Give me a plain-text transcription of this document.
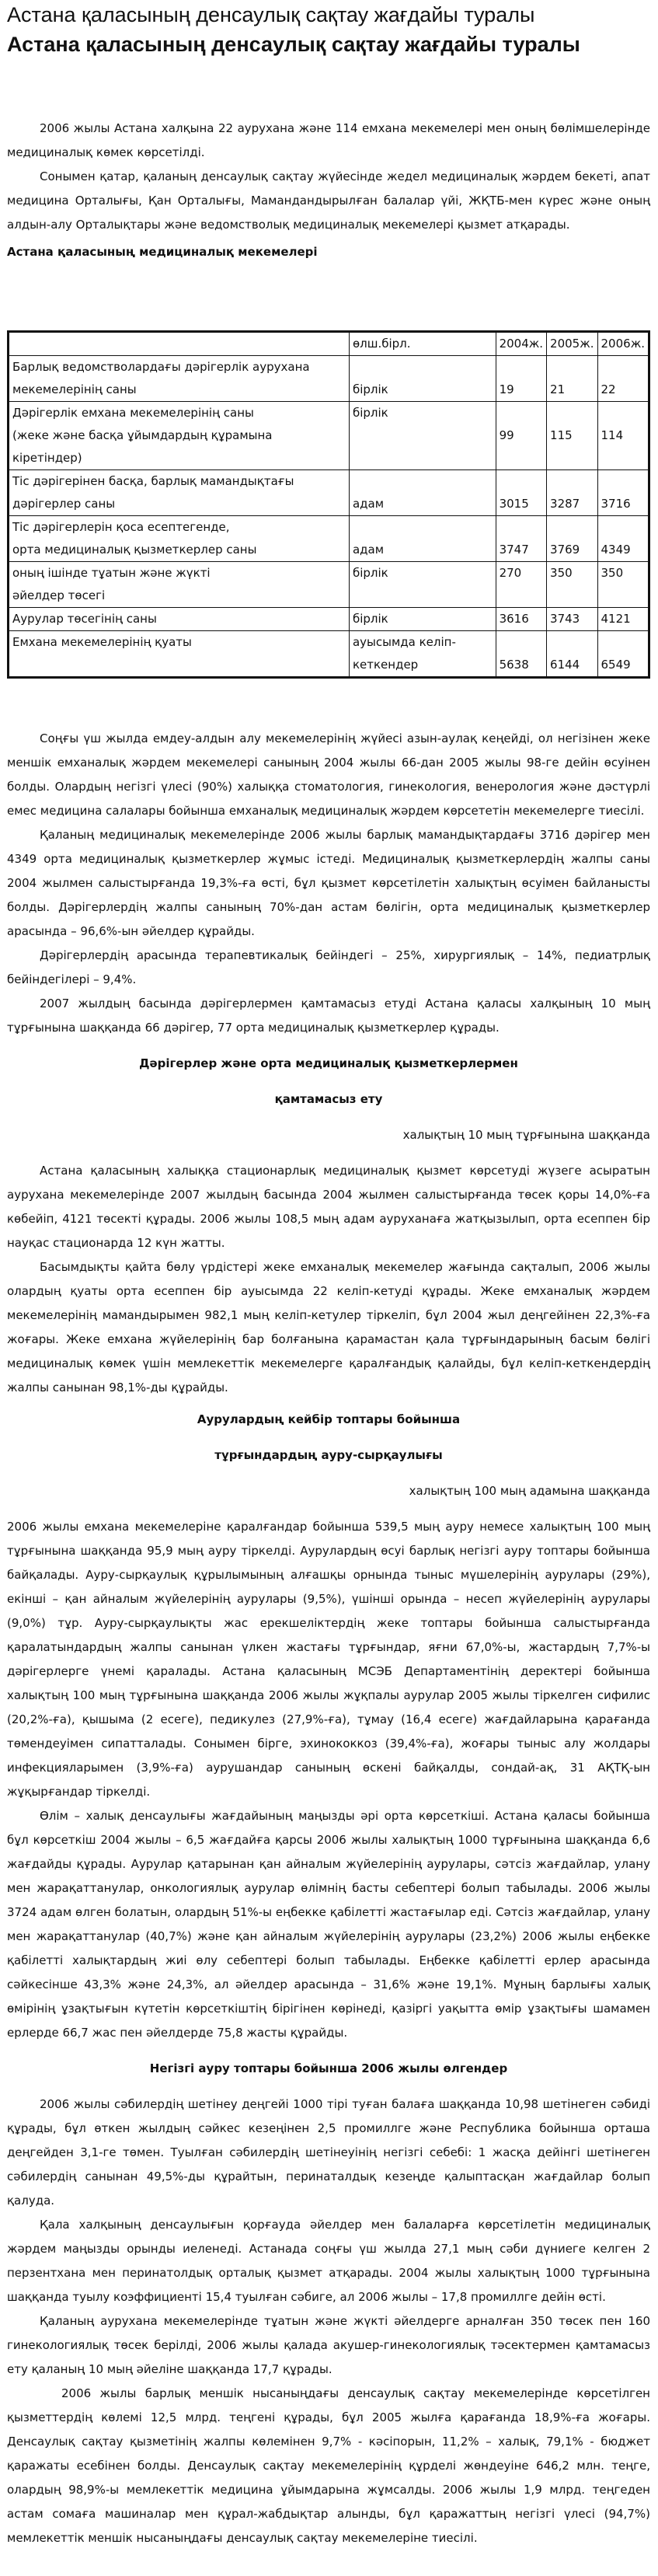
Астана қаласының денсаулық сақтау жағдайы туралы
Астана қаласының денсаулық сақтау жағдайы туралы

2006 жылы Астана халқына 22 аурухана және 114 емхана мекемелері мен оның бөлімшелерінде медициналық көмек көрсетілді.

Сонымен қатар, қаланың денсаулық сақтау жүйесінде жедел медициналық жәрдем бекеті, апат медицина Орталығы, Қан Орталығы, Мамандандырылған балалар үйі, ЖҚТБ-мен күрес және оның алдын-алу Орталықтары және ведомстволық медициналық мекемелері қызмет атқарады.

Астана қаласының медициналық мекемелері

	өлш.бірл.	2004ж.	2005ж.	2006ж.

Барлық ведомстволардағы дәрігерлік аурухана
мекемелерінің саны	бірлік	19	21	22

Дәрігерлік емхана мекемелерінің саны
(жеке және басқа ұйымдардың құрамына
кіретіндер)	бірлік	99	115	114

Тіс дәрігерінен басқа, барлық мамандықтағы
дәрігерлер саны	адам	3015	3287	3716

Тіс дәрігерлерін қоса есептегенде,
орта медициналық қызметкерлер саны	адам	3747	3769	4349

оның ішінде тұатын және жүкті
әйелдер төсегі	бірлік	270	350	350

Аурулар төсегінің саны	бірлік	3616	3743	4121

Емхана мекемелерінің қуаты	ауысымда келіп-кеткендер	5638	6144	6549

Соңғы үш жылда емдеу-алдын алу мекемелерінің жүйесі азын-аулақ кеңейді, ол негізінен жеке меншік емханалық жәрдем мекемелері санының 2004 жылы 66-дан 2005 жылы 98-ге дейін өсуінен болды. Олардың негізгі үлесі (90%) халыққа стоматология, гинекология, венерология және дәстүрлі емес медицина салалары бойынша емханалық медициналық жәрдем көрсететін мекемелерге тиесілі.

Қаланың медициналық мекемелерінде 2006 жылы барлық мамандықтардағы 3716 дәрігер мен 4349 орта медициналық қызметкерлер жұмыс істеді. Медициналық қызметкерлердің жалпы саны 2004 жылмен салыстырғанда 19,3%-ға өсті, бұл қызмет көрсетілетін халықтың өсуімен байланысты болды. Дәрігерлердің жалпы санының 70%-дан астам бөлігін, орта медициналық қызметкерлер арасында – 96,6%-ын әйелдер құрайды.

Дәрігерлердің арасында терапевтикалық бейіндегі – 25%, хирургиялық – 14%, педиатрлық бейіндегілері – 9,4%.

2007 жылдың басында дәрігерлермен қамтамасыз етуді Астана қаласы халқының 10 мың тұрғынына шаққанда 66 дәрігер, 77 орта медициналық қызметкерлер құрады.

Дәрігерлер және орта медициналық қызметкерлермен

қамтамасыз ету

халықтың 10 мың тұрғынына шаққанда

Астана қаласының халыққа стационарлық медициналық қызмет көрсетуді жүзеге асыратын аурухана мекемелерінде 2007 жылдың басында 2004 жылмен салыстырғанда төсек қоры 14,0%-ға көбейіп, 4121 төсекті құрады. 2006 жылы 108,5 мың адам ауруханаға жатқызылып, орта есеппен бір науқас стационарда 12 күн жатты.

Басымдықты қайта бөлу үрдістері жеке емханалық мекемелер жағында сақталып, 2006 жылы олардың қуаты орта есеппен бір ауысымда 22 келіп-кетуді құрады. Жеке емханалық жәрдем мекемелерінің мамандырымен 982,1 мың келіп-кетулер тіркеліп, бұл 2004 жыл деңгейінен 22,3%-ға жоғары. Жеке емхана жүйелерінің бар болғанына қарамастан қала тұрғындарының басым бөлігі медициналық көмек үшін мемлекеттік мекемелерге қаралғандық қалайды, бұл келіп-кеткендердің жалпы санынан 98,1%-ды құрайды.

Аурулардың кейбір топтары бойынша

тұрғындардың ауру-сырқаулығы

халықтың 100 мың адамына шаққанда

2006 жылы емхана мекемелеріне қаралғандар бойынша 539,5 мың ауру немесе халықтың 100 мың тұрғынына шаққанда 95,9 мың ауру тіркелді. Аурулардың өсуі барлық негізгі ауру топтары бойынша байқалады. Ауру-сырқаулық құрылымының алғашқы орнында тыныс мүшелерінің аурулары (29%), екінші – қан айналым жүйелерінің аурулары (9,5%), үшінші орында – несеп жүйелерінің аурулары (9,0%) тұр. Ауру-сырқаулықты жас ерекшеліктердің жеке топтары бойынша салыстырғанда қаралатындардың жалпы санынан үлкен жастағы тұрғындар, яғни 67,0%-ы, жастардың 7,7%-ы дәрігерлерге үнемі қаралады. Астана қаласының МСЭБ Департаментінің деректері бойынша халықтың 100 мың тұрғынына шаққанда 2006 жылы жұқпалы аурулар 2005 жылы тіркелген сифилис (20,2%-ға), қышыма (2 есеге), педикулез (27,9%-ға), тұмау (16,4 есеге) жағдайларына қарағанда төмендеуімен сипатталады. Сонымен бірге, эхинококкоз (39,4%-ға), жоғары тыныс алу жолдары инфекцияларымен (3,9%-ға) аурушандар санының өскені байқалды, сондай-ақ, 31 АҚТҚ-ын жұқырғандар тіркелді.

Өлім – халық денсаулығы жағдайының маңызды әрі орта көрсеткіші. Астана қаласы бойынша бұл көрсеткіш 2004 жылы – 6,5 жағдайға қарсы 2006 жылы халықтың 1000 тұрғынына шаққанда 6,6 жағдайды құрады. Аурулар қатарынан қан айналым жүйелерінің аурулары, сәтсіз жағдайлар, улану мен жарақаттанулар, онкологиялық аурулар өлімнің басты себептері болып табылады. 2006 жылы 3724 адам өлген болатын, олардың 51%-ы еңбекке қабілетті жастағылар еді. Сәтсіз жағдайлар, улану мен жарақаттанулар (40,7%) және қан айналым жүйелерінің аурулары (23,2%) 2006 жылы еңбекке қабілетті халықтардың жиі өлу себептері болып табылады. Еңбекке қабілетті ерлер арасында сәйкесінше 43,3% және 24,3%, ал әйелдер арасында – 31,6% және 19,1%. Мұның барлығы халық өмірінің ұзақтығын күтетін көрсеткіштің бірігінен көрінеді, қазіргі уақытта өмір ұзақтығы шамамен ерлерде 66,7 жас пен әйелдерде 75,8 жасты құрайды.

Негізгі ауру топтары бойынша 2006 жылы өлгендер

2006 жылы сәбилердің шетінеу деңгейі 1000 тірі туған балаға шаққанда 10,98 шетінеген сәбиді құрады, бұл өткен жылдың сәйкес кезеңінен 2,5 промиллге және Республика бойынша орташа деңгейден 3,1-ге төмен. Туылған сәбилердің шетінеуінің негізгі себебі: 1 жасқа дейінгі шетінеген сәбилердің санынан 49,5%-ды құрайтын, перинаталдық кезеңде қалыптасқан жағдайлар болып қалуда.

Қала халқының денсаулығын қорғауда әйелдер мен балаларға көрсетілетін медициналық жәрдем маңызды орынды иеленеді. Астанада соңғы үш жылда 27,1 мың сәби дүниеге келген 2 перзентхана мен перинатолдық орталық қызмет атқарады. 2004 жылы халықтың 1000 тұрғынына шаққанда туылу коэффициенті 15,4 туылған сәбиге, ал 2006 жылы – 17,8 промиллге дейін өсті.

Қаланың аурухана мекемелерінде тұатын және жүкті әйелдерге арналған 350 төсек пен 160 гинекологиялық төсек берілді, 2006 жылы қалада акушер-гинекологиялық тәсектермен қамтамасыз ету қаланың 10 мың әйеліне шаққанда 17,7 құрады.

2006 жылы барлық меншік нысаныңдағы денсаулық сақтау мекемелерінде көрсетілген қызметтердің көлемі 12,5 млрд. теңгені құрады, бұл 2005 жылға қарағанда 18,9%-ға жоғары. Денсаулық сақтау қызметінің жалпы көлемінен 9,7% - кәсіпорын, 11,2% – халық, 79,1% - бюджет қаражаты есебінен болды. Денсаулық сақтау мекемелерінің құрделі жөндеуіне 646,2 млн. теңге, олардың 98,9%-ы мемлекеттік медицина ұйымдарына жұмсалды. 2006 жылы 1,9 млрд. теңгеден астам сомаға машиналар мен құрал-жабдықтар алынды, бұл қаражаттың негізгі үлесі (94,7%) мемлекеттік меншік нысаныңдағы денсаулық сақтау мекемелеріне тиесілі.
